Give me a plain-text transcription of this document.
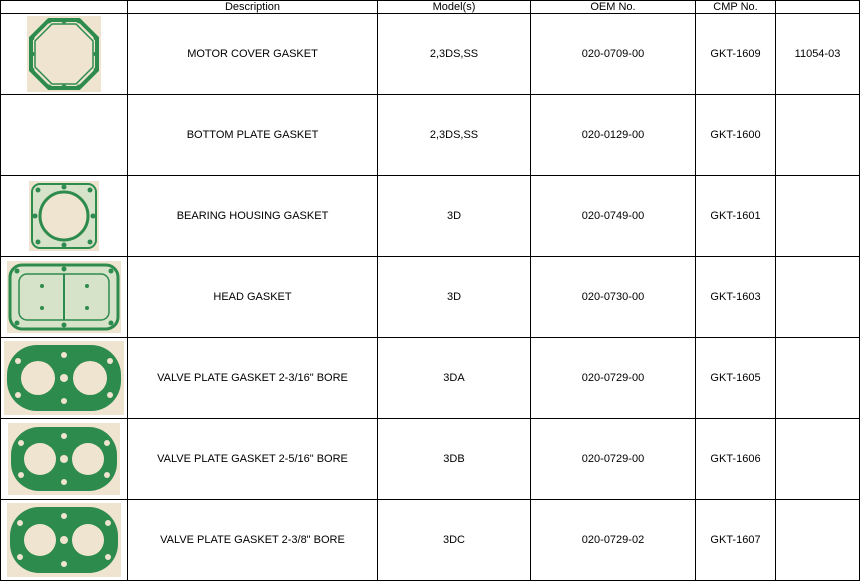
	Description	Model(s)	OEM No.	CMP No.	

	MOTOR COVER GASKET	2,3DS,SS	020-0709-00	GKT-1609	11054-03
	BOTTOM PLATE GASKET	2,3DS,SS	020-0129-00	GKT-1600	

	BEARING HOUSING GASKET	3D	020-0749-00	GKT-1601	

	HEAD GASKET	3D	020-0730-00	GKT-1603	

	VALVE PLATE GASKET 2-3/16" BORE	3DA	020-0729-00	GKT-1605	

	VALVE PLATE GASKET 2-5/16" BORE	3DB	020-0729-00	GKT-1606	

	VALVE PLATE GASKET 2-3/8" BORE	3DC	020-0729-02	GKT-1607	
